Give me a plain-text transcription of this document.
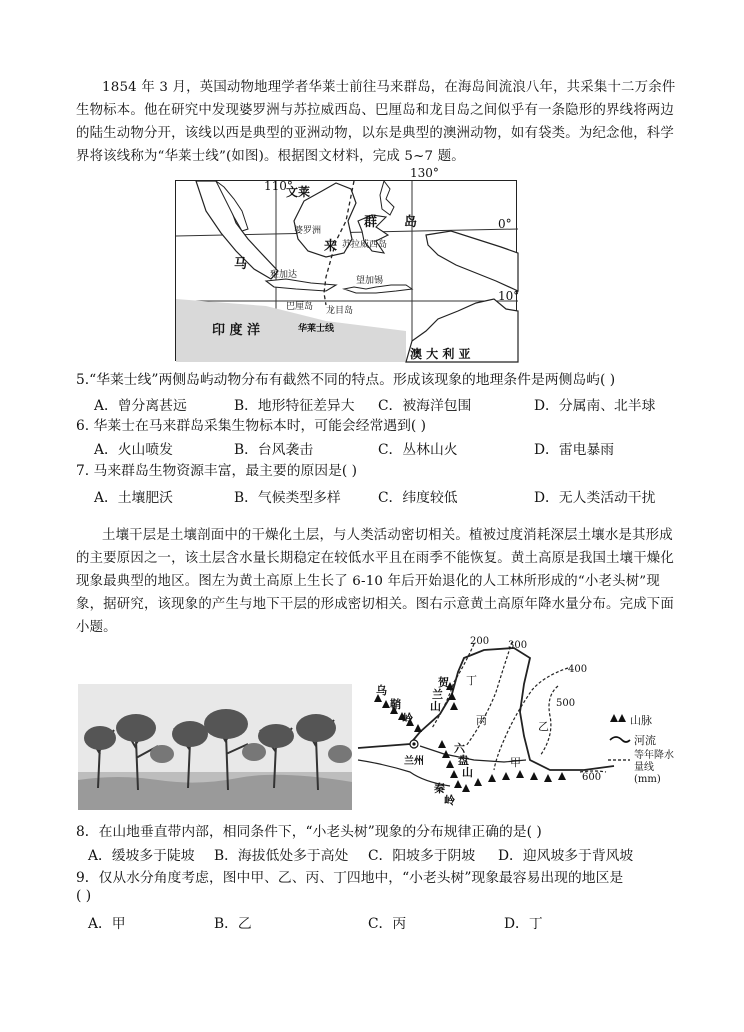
1854 年 3 月，英国动物地理学者华莱士前往马来群岛，在海岛间流浪八年，共采集十二万余件生物标本。他在研究中发现婆罗洲与苏拉威西岛、巴厘岛和龙目岛之间似乎有一条隐形的界线将两边的陆生动物分开，该线以西是典型的亚洲动物，以东是典型的澳洲动物，如有袋类。为纪念他，科学界将该线称为“华莱士线”(如图)。根据图文材料，完成 5~7 题。

110°
0°
10°
文莱
婆罗洲
苏拉威西岛
雅加达
望加锡
巴厘岛 龙目岛
华莱士线
印 度 洋
澳 大 利 亚
马
来
群 岛
130°
5.“华莱士线”两侧岛屿动物分布有截然不同的特点。形成该现象的地理条件是两侧岛屿( )
A．曾分离甚远	B．地形特征差异大 C．被海洋包围	D．分属南、北半球
6. 华莱士在马来群岛采集生物标本时，可能会经常遇到( )
A．火山喷发	B．台风袭击	C．丛林山火	D．雷电暴雨
7. 马来群岛生物资源丰富，最主要的原因是( )
A．土壤肥沃	B．气候类型多样	C．纬度较低	D．无人类活动干扰

土壤干层是土壤剖面中的干燥化土层，与人类活动密切相关。植被过度消耗深层土壤水是其形成的主要原因之一，该土层含水量长期稳定在较低水平且在雨季不能恢复。黄土高原是我国土壤干燥化现象最典型的地区。图左为黄土高原上生长了 6-10 年后开始退化的人工林所形成的“小老头树”现象，据研究，该现象的产生与地下干层的形成密切相关。图右示意黄土高原年降水量分布。完成下面小题。

200 300
400
500
600
乌
鞘
岭
贺
兰
山
六
盘
山
秦
岭
兰州	甲
乙
丙
丁
山脉
河流
等年降水量线 (mm)
8．在山地垂直带内部，相同条件下，“小老头树”现象的分布规律正确的是( )
A．缓坡多于陡坡 B．海拔低处多于高处 C．阳坡多于阴坡 D．迎风坡多于背风坡
9．仅从水分角度考虑，图中甲、乙、丙、丁四地中，“小老头树”现象最容易出现的地区是
( )
A．甲	B．乙	C．丙	D．丁
